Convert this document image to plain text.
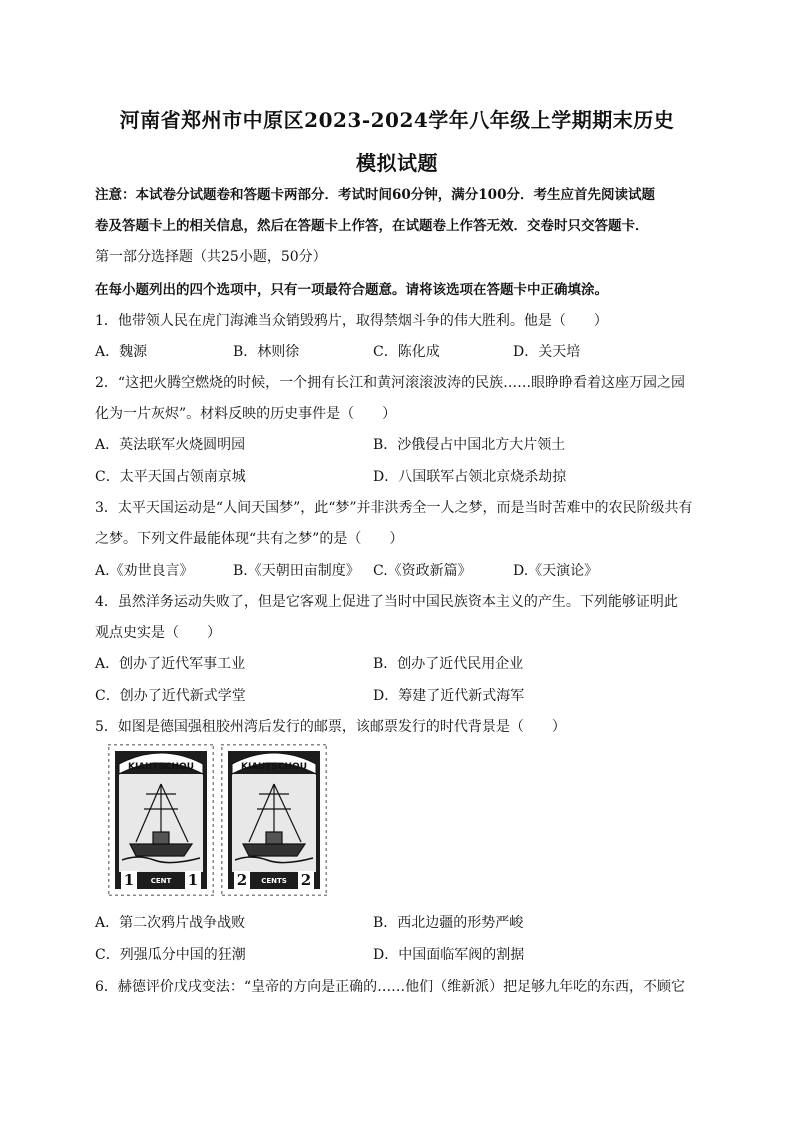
河南省郑州市中原区2023-2024学年八年级上学期期末历史
模拟试题
注意：本试卷分试题卷和答题卡两部分．考试时间60分钟，满分100分．考生应首先阅读试题
卷及答题卡上的相关信息，然后在答题卡上作答，在试题卷上作答无效．交卷时只交答题卡．
第一部分选择题（共25小题，50分）
在每小题列出的四个选项中，只有一项最符合题意。请将该选项在答题卡中正确填涂。
1．他带领人民在虎门海滩当众销毁鸦片，取得禁烟斗争的伟大胜利。他是（　　）
A．魏源	B．林则徐	C．陈化成	D．关天培
2．“这把火腾空燃烧的时候，一个拥有长江和黄河滚滚波涛的民族……眼睁睁看着这座万园之园
化为一片灰烬”。材料反映的历史事件是（　　）
A．英法联军火烧圆明园	B．沙俄侵占中国北方大片领土
C．太平天国占领南京城	D．八国联军占领北京烧杀劫掠
3．太平天国运动是“人间天国梦”，此“梦”并非洪秀全一人之梦，而是当时苦难中的农民阶级共有
之梦。下列文件最能体现“共有之梦”的是（　　）
A.《劝世良言》	B.《天朝田亩制度》 C.《资政新篇》	D.《天演论》
4．虽然洋务运动失败了，但是它客观上促进了当时中国民族资本主义的产生。下列能够证明此
观点史实是（　　）
A．创办了近代军事工业	B．创办了近代民用企业
C．创办了近代新式学堂	D．筹建了近代新式海军
5．如图是德国强租胶州湾后发行的邮票，该邮票发行的时代背景是（　　）
KIAUTSCHOU
1	1
CENT
KIAUTSCHOU
2	2
CENTS
A．第二次鸦片战争战败	B．西北边疆的形势严峻
C．列强瓜分中国的狂潮	D．中国面临军阀的割据
6．赫德评价戊戌变法：“皇帝的方向是正确的……他们（维新派）把足够九年吃的东西，不顾它
